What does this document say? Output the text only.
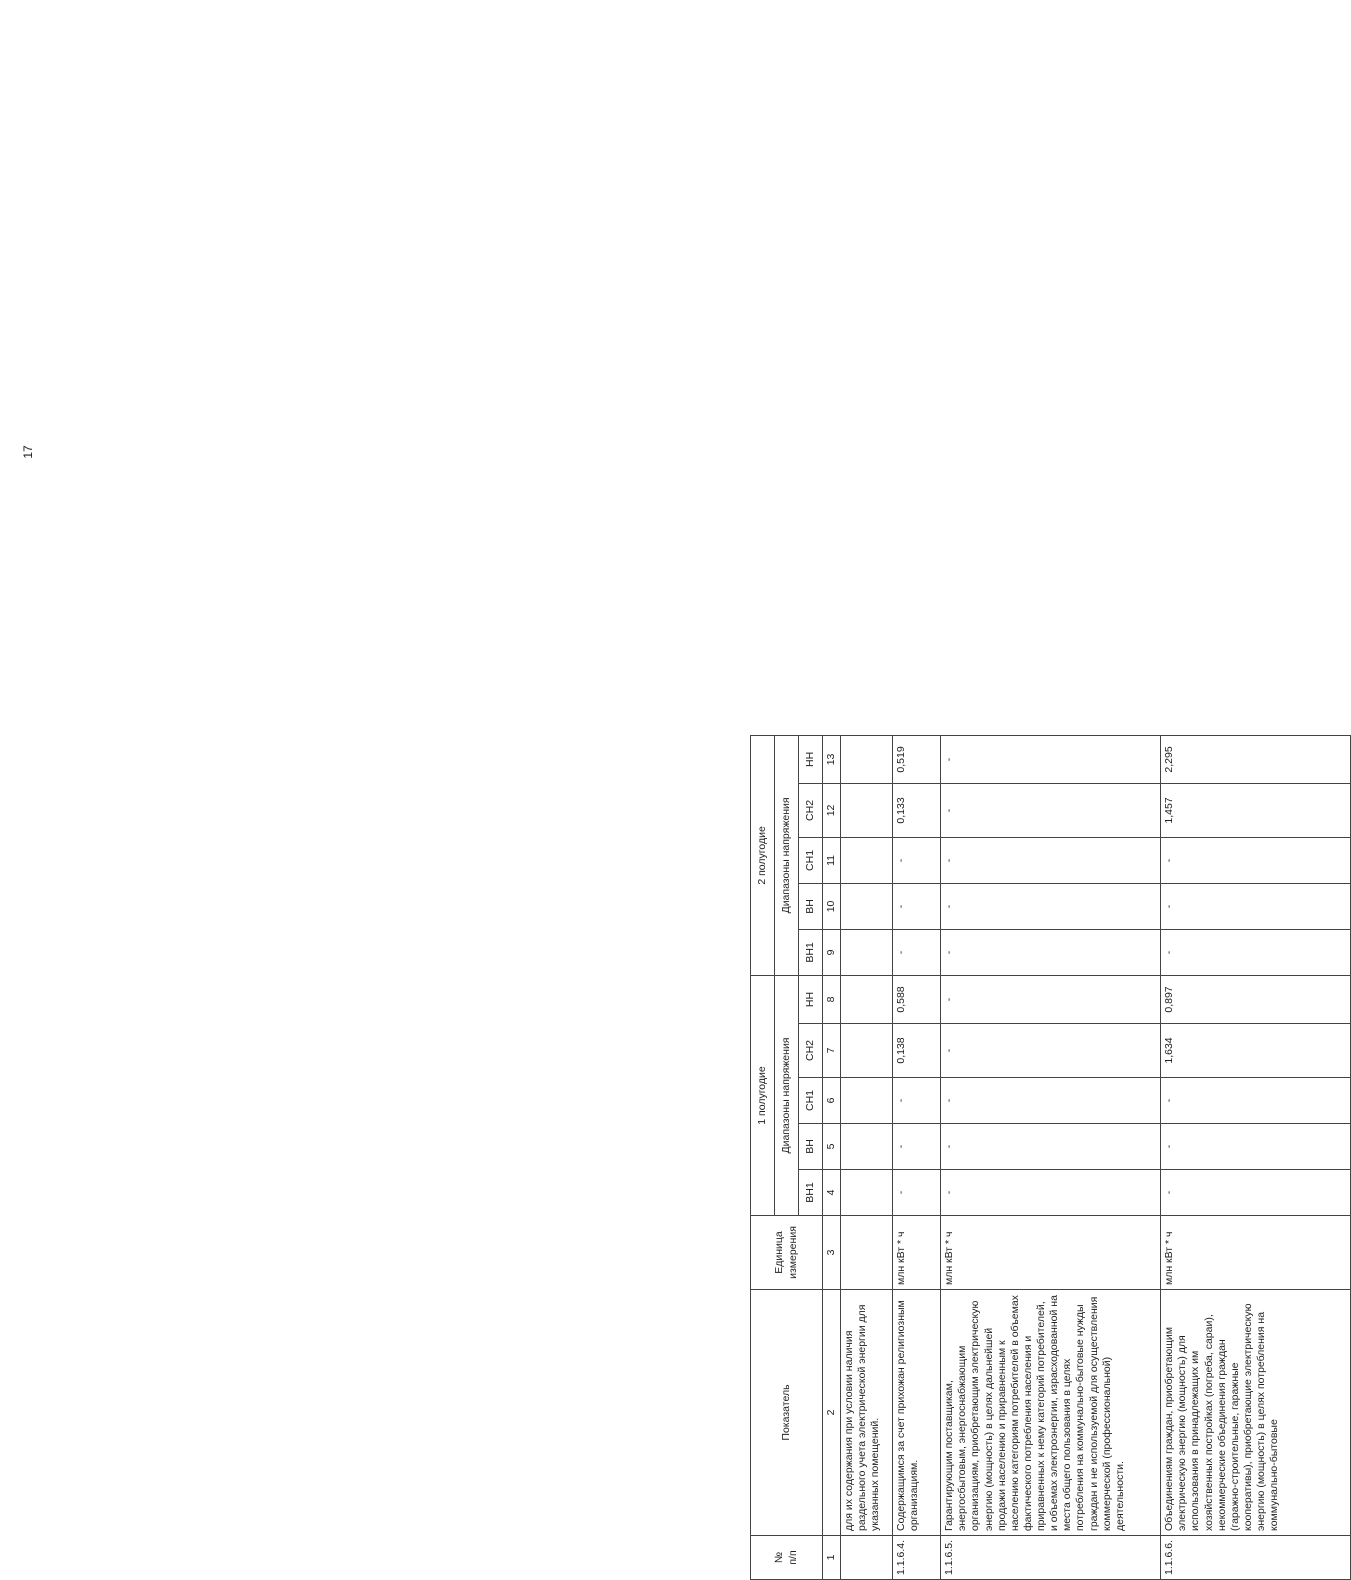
17
№
п/п	Показатель	Единица измерения	1 полугодие					2 полугодие				
			Диапазоны напряжения					Диапазоны напряжения				
			ВН1	ВН	СН1	СН2	НН	ВН1	ВН	СН1	СН2	НН
1	2	3	4	5	6	7	8	9	10	11	12	13
	для их содержания при условии наличия раздельного учета электрической энергии для указанных помещений.											
1.1.6.4.	Содержащимся за счет прихожан религиозным организациям.	млн кВт * ч	-	-	-	0,138	0,588	-	-	-	0,133	0,519
1.1.6.5.	Гарантирующим поставщикам, энергосбытовым, энергоснабжающим организациям, приобретающим электрическую энергию (мощность) в целях дальнейшей продажи населению и приравненным к населению категориям потребителей в объемах фактического потребления населения и приравненных к нему категорий потребителей, и объемах электроэнергии, израсходованной на места общего пользования в целях потребления на коммунально-бытовые нужды граждан и не используемой для осуществления коммерческой (профессиональной) деятельности.	млн кВт * ч	-	-	-	-	-	-	-	-	-	-
1.1.6.6.	Объединениям граждан, приобретающим электрическую энергию (мощность) для использования в принадлежащих им хозяйственных постройках (погреба, сараи), некоммерческие объединения граждан (гаражно-строительные, гаражные кооперативы), приобретающие электрическую энергию (мощность) в целях потребления на коммунально-бытовые	млн кВт * ч	-	-	-	1,634	0,897	-	-	-	1,457	2,295
